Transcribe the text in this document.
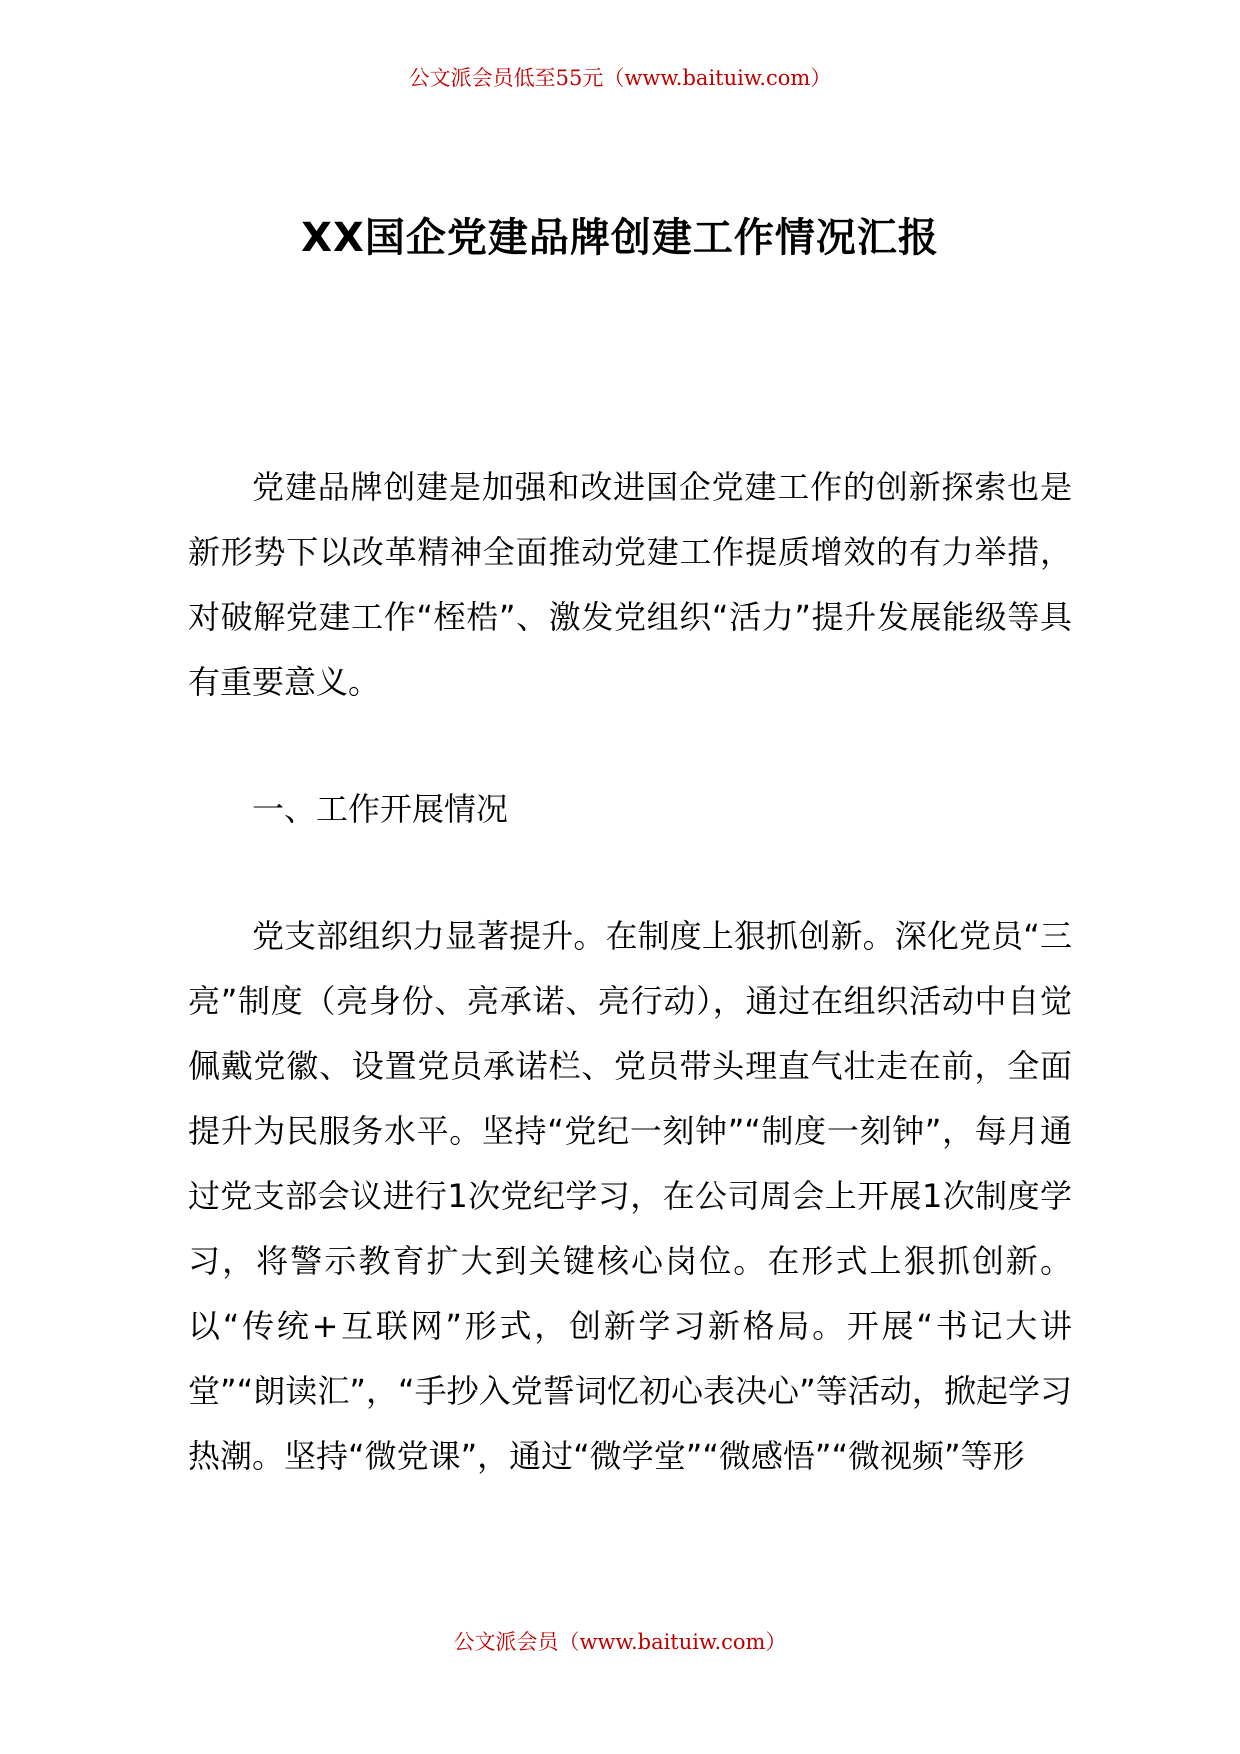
公文派会员低至55元（www.baituiw.com）
XX国企党建品牌创建工作情况汇报

党建品牌创建是加强和改进国企党建工作的创新探索也是新形势下以改革精神全面推动党建工作提质增效的有力举措，对破解党建工作“桎梏”、激发党组织“活力”提升发展能级等具有重要意义。

一、工作开展情况

党支部组织力显著提升。在制度上狠抓创新。深化党员“三亮”制度（亮身份、亮承诺、亮行动），通过在组织活动中自觉佩戴党徽、设置党员承诺栏、党员带头理直气壮走在前，全面提升为民服务水平。坚持“党纪一刻钟”“制度一刻钟”，每月通过党支部会议进行1次党纪学习，在公司周会上开展1次制度学习，将警示教育扩大到关键核心岗位。在形式上狠抓创新。以“传统+互联网”形式，创新学习新格局。开展“书记大讲堂”“朗读汇”，“手抄入党誓词忆初心表决心”等活动，掀起学习热潮。坚持“微党课”，通过“微学堂”“微感悟”“微视频”等形

公文派会员（www.baituiw.com）
